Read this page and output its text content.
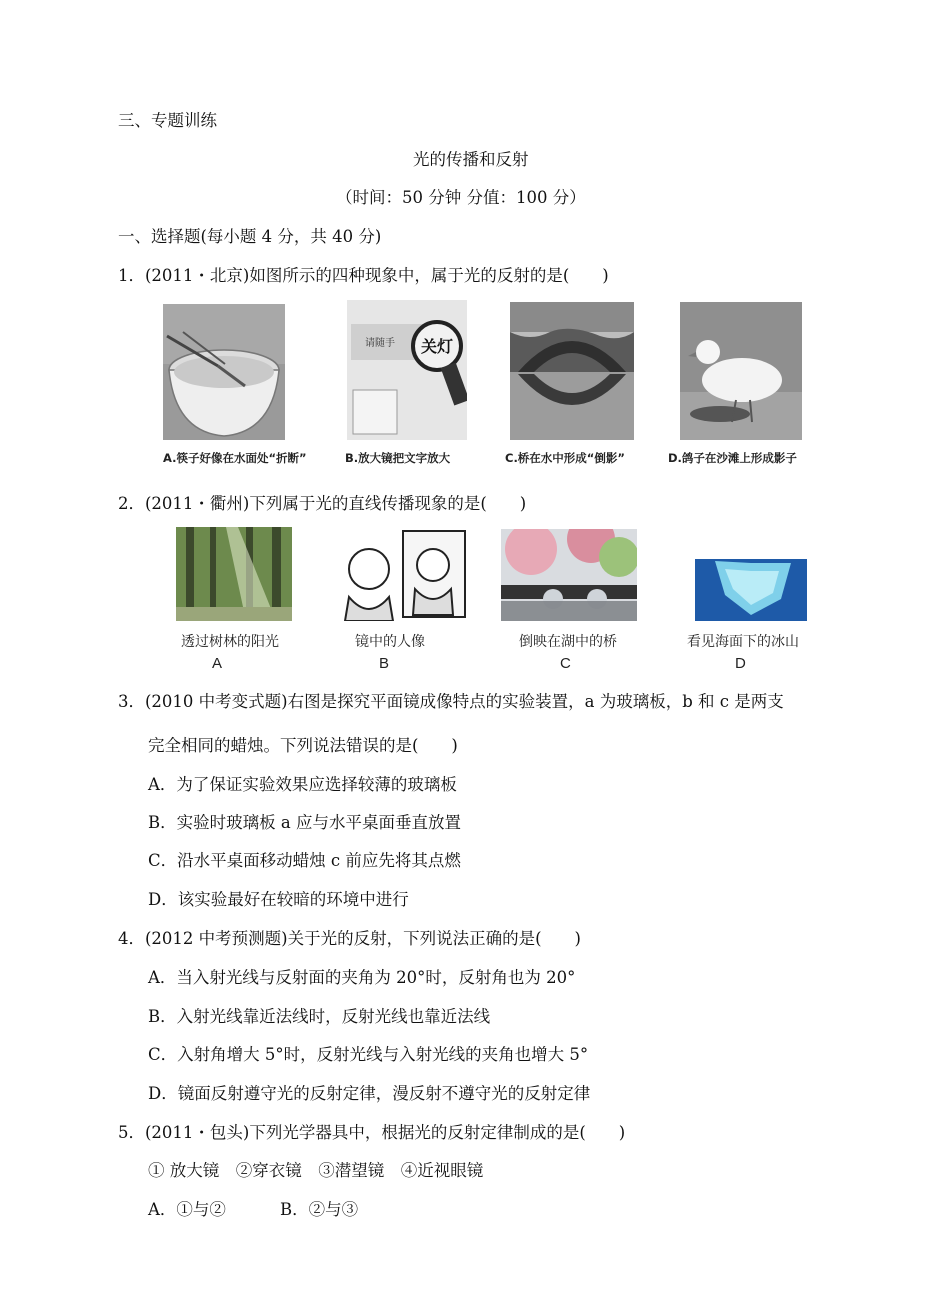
三、专题训练
光的传播和反射
（时间：50 分钟 分值：100 分）
一、选择题(每小题 4 分，共 40 分)
1．(2011・北京)如图所示的四种现象中，属于光的反射的是(　　)
请随手 关灯
A.筷子好像在水面处“折断”	B.放大镜把文字放大	C.桥在水中形成“倒影”	D.鸽子在沙滩上形成影子
2．(2011・衢州)下列属于光的直线传播现象的是(　　)
透过树林的阳光	镜中的人像	倒映在湖中的桥	看见海面下的冰山
A	B	C	D
3．(2010 中考变式题)右图是探究平面镜成像特点的实验装置，a 为玻璃板，b 和 c 是两支
完全相同的蜡烛。下列说法错误的是(　　)
A．为了保证实验效果应选择较薄的玻璃板
B．实验时玻璃板 a 应与水平桌面垂直放置
C．沿水平桌面移动蜡烛 c 前应先将其点燃
D．该实验最好在较暗的环境中进行
4．(2012 中考预测题)关于光的反射，下列说法正确的是(　　)
A．当入射光线与反射面的夹角为 20°时，反射角也为 20°
B．入射光线靠近法线时，反射光线也靠近法线
C．入射角增大 5°时，反射光线与入射光线的夹角也增大 5°
D．镜面反射遵守光的反射定律，漫反射不遵守光的反射定律
5．(2011・包头)下列光学器具中，根据光的反射定律制成的是(　　)
① 放大镜　②穿衣镜　③潜望镜　④近视眼镜
A．①与②	B．②与③
